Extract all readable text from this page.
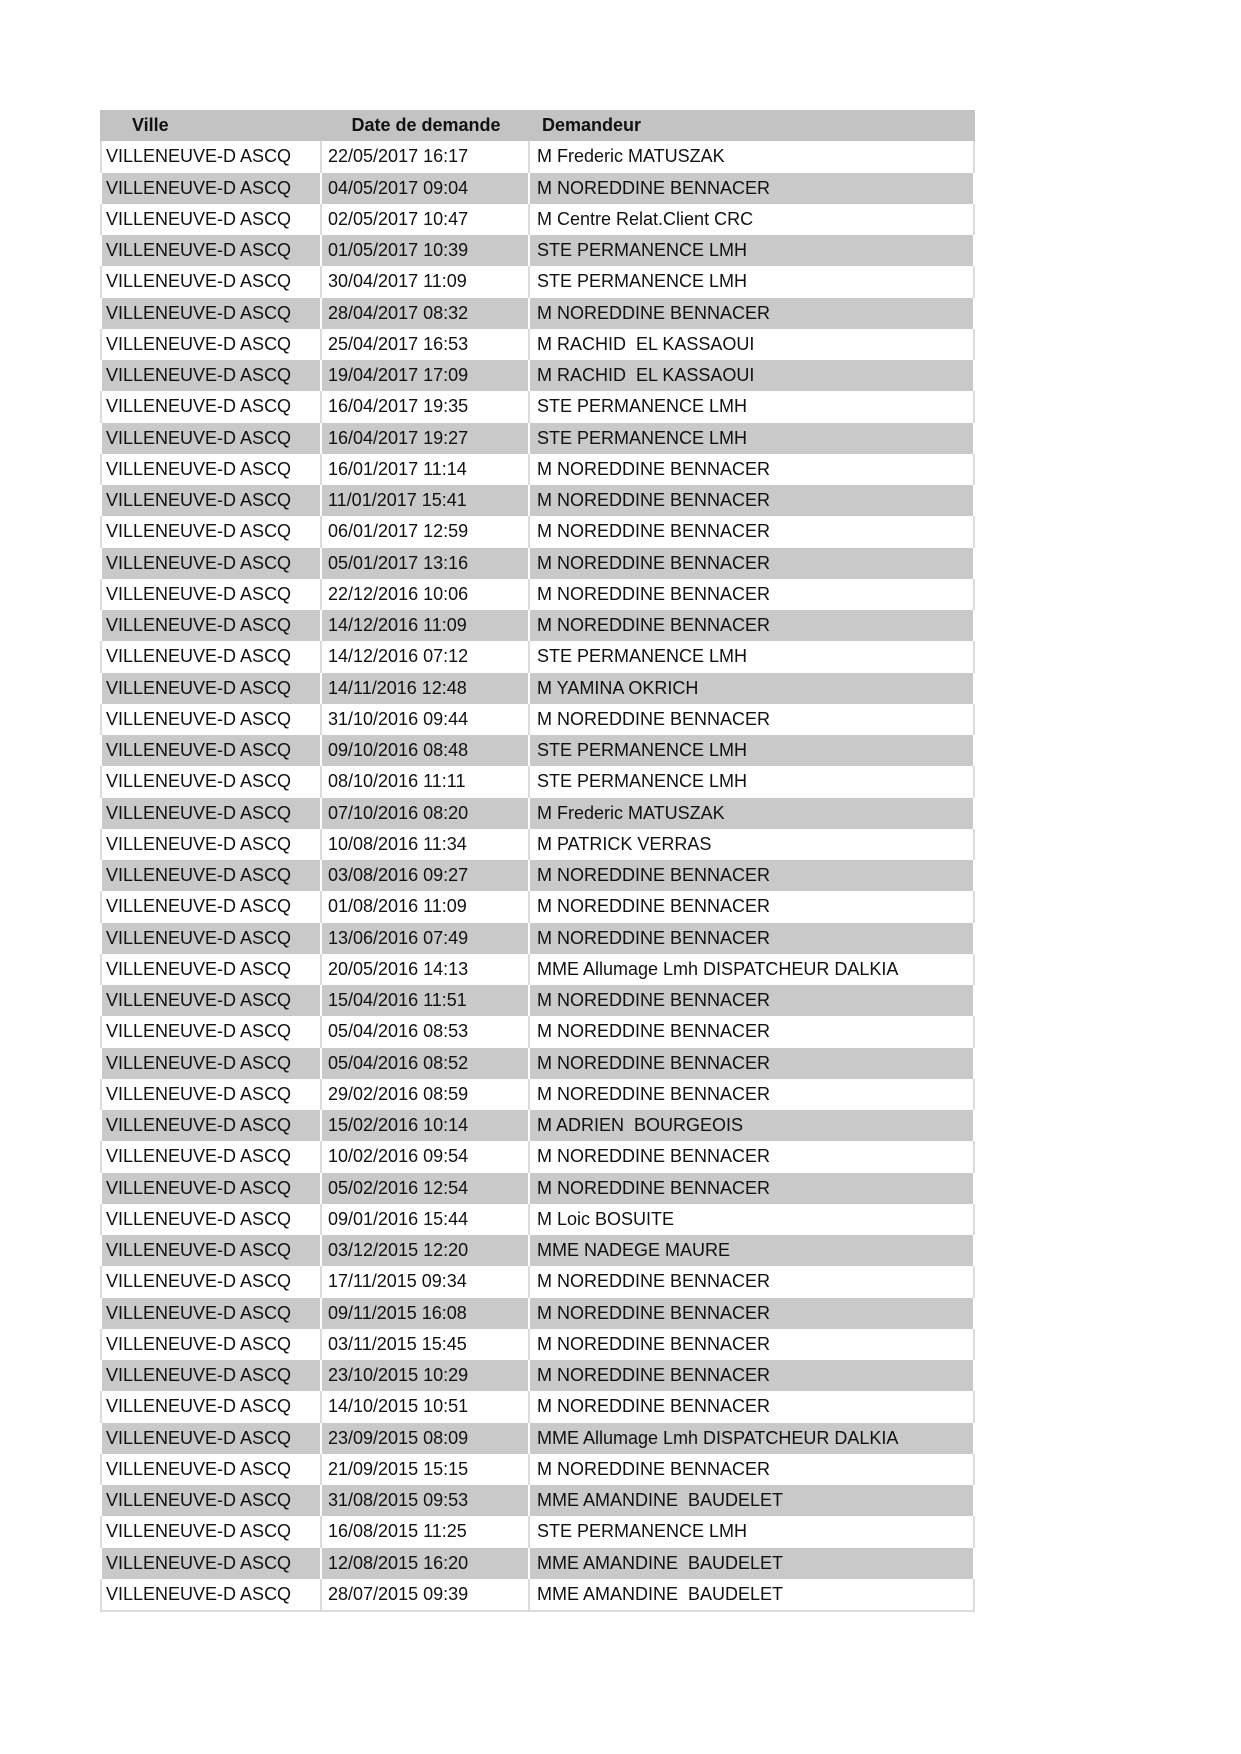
Ville	Date de demande	Demandeur
VILLENEUVE-D ASCQ	22/05/2017 16:17	M Frederic MATUSZAK
VILLENEUVE-D ASCQ	04/05/2017 09:04	M NOREDDINE BENNACER
VILLENEUVE-D ASCQ	02/05/2017 10:47	M Centre Relat.Client CRC
VILLENEUVE-D ASCQ	01/05/2017 10:39	STE PERMANENCE LMH
VILLENEUVE-D ASCQ	30/04/2017 11:09	STE PERMANENCE LMH
VILLENEUVE-D ASCQ	28/04/2017 08:32	M NOREDDINE BENNACER
VILLENEUVE-D ASCQ	25/04/2017 16:53	M RACHID  EL KASSAOUI
VILLENEUVE-D ASCQ	19/04/2017 17:09	M RACHID  EL KASSAOUI
VILLENEUVE-D ASCQ	16/04/2017 19:35	STE PERMANENCE LMH
VILLENEUVE-D ASCQ	16/04/2017 19:27	STE PERMANENCE LMH
VILLENEUVE-D ASCQ	16/01/2017 11:14	M NOREDDINE BENNACER
VILLENEUVE-D ASCQ	11/01/2017 15:41	M NOREDDINE BENNACER
VILLENEUVE-D ASCQ	06/01/2017 12:59	M NOREDDINE BENNACER
VILLENEUVE-D ASCQ	05/01/2017 13:16	M NOREDDINE BENNACER
VILLENEUVE-D ASCQ	22/12/2016 10:06	M NOREDDINE BENNACER
VILLENEUVE-D ASCQ	14/12/2016 11:09	M NOREDDINE BENNACER
VILLENEUVE-D ASCQ	14/12/2016 07:12	STE PERMANENCE LMH
VILLENEUVE-D ASCQ	14/11/2016 12:48	M YAMINA OKRICH
VILLENEUVE-D ASCQ	31/10/2016 09:44	M NOREDDINE BENNACER
VILLENEUVE-D ASCQ	09/10/2016 08:48	STE PERMANENCE LMH
VILLENEUVE-D ASCQ	08/10/2016 11:11	STE PERMANENCE LMH
VILLENEUVE-D ASCQ	07/10/2016 08:20	M Frederic MATUSZAK
VILLENEUVE-D ASCQ	10/08/2016 11:34	M PATRICK VERRAS
VILLENEUVE-D ASCQ	03/08/2016 09:27	M NOREDDINE BENNACER
VILLENEUVE-D ASCQ	01/08/2016 11:09	M NOREDDINE BENNACER
VILLENEUVE-D ASCQ	13/06/2016 07:49	M NOREDDINE BENNACER
VILLENEUVE-D ASCQ	20/05/2016 14:13	MME Allumage Lmh DISPATCHEUR DALKIA
VILLENEUVE-D ASCQ	15/04/2016 11:51	M NOREDDINE BENNACER
VILLENEUVE-D ASCQ	05/04/2016 08:53	M NOREDDINE BENNACER
VILLENEUVE-D ASCQ	05/04/2016 08:52	M NOREDDINE BENNACER
VILLENEUVE-D ASCQ	29/02/2016 08:59	M NOREDDINE BENNACER
VILLENEUVE-D ASCQ	15/02/2016 10:14	M ADRIEN  BOURGEOIS
VILLENEUVE-D ASCQ	10/02/2016 09:54	M NOREDDINE BENNACER
VILLENEUVE-D ASCQ	05/02/2016 12:54	M NOREDDINE BENNACER
VILLENEUVE-D ASCQ	09/01/2016 15:44	M Loic BOSUITE
VILLENEUVE-D ASCQ	03/12/2015 12:20	MME NADEGE MAURE
VILLENEUVE-D ASCQ	17/11/2015 09:34	M NOREDDINE BENNACER
VILLENEUVE-D ASCQ	09/11/2015 16:08	M NOREDDINE BENNACER
VILLENEUVE-D ASCQ	03/11/2015 15:45	M NOREDDINE BENNACER
VILLENEUVE-D ASCQ	23/10/2015 10:29	M NOREDDINE BENNACER
VILLENEUVE-D ASCQ	14/10/2015 10:51	M NOREDDINE BENNACER
VILLENEUVE-D ASCQ	23/09/2015 08:09	MME Allumage Lmh DISPATCHEUR DALKIA
VILLENEUVE-D ASCQ	21/09/2015 15:15	M NOREDDINE BENNACER
VILLENEUVE-D ASCQ	31/08/2015 09:53	MME AMANDINE  BAUDELET
VILLENEUVE-D ASCQ	16/08/2015 11:25	STE PERMANENCE LMH
VILLENEUVE-D ASCQ	12/08/2015 16:20	MME AMANDINE  BAUDELET
VILLENEUVE-D ASCQ	28/07/2015 09:39	MME AMANDINE  BAUDELET
